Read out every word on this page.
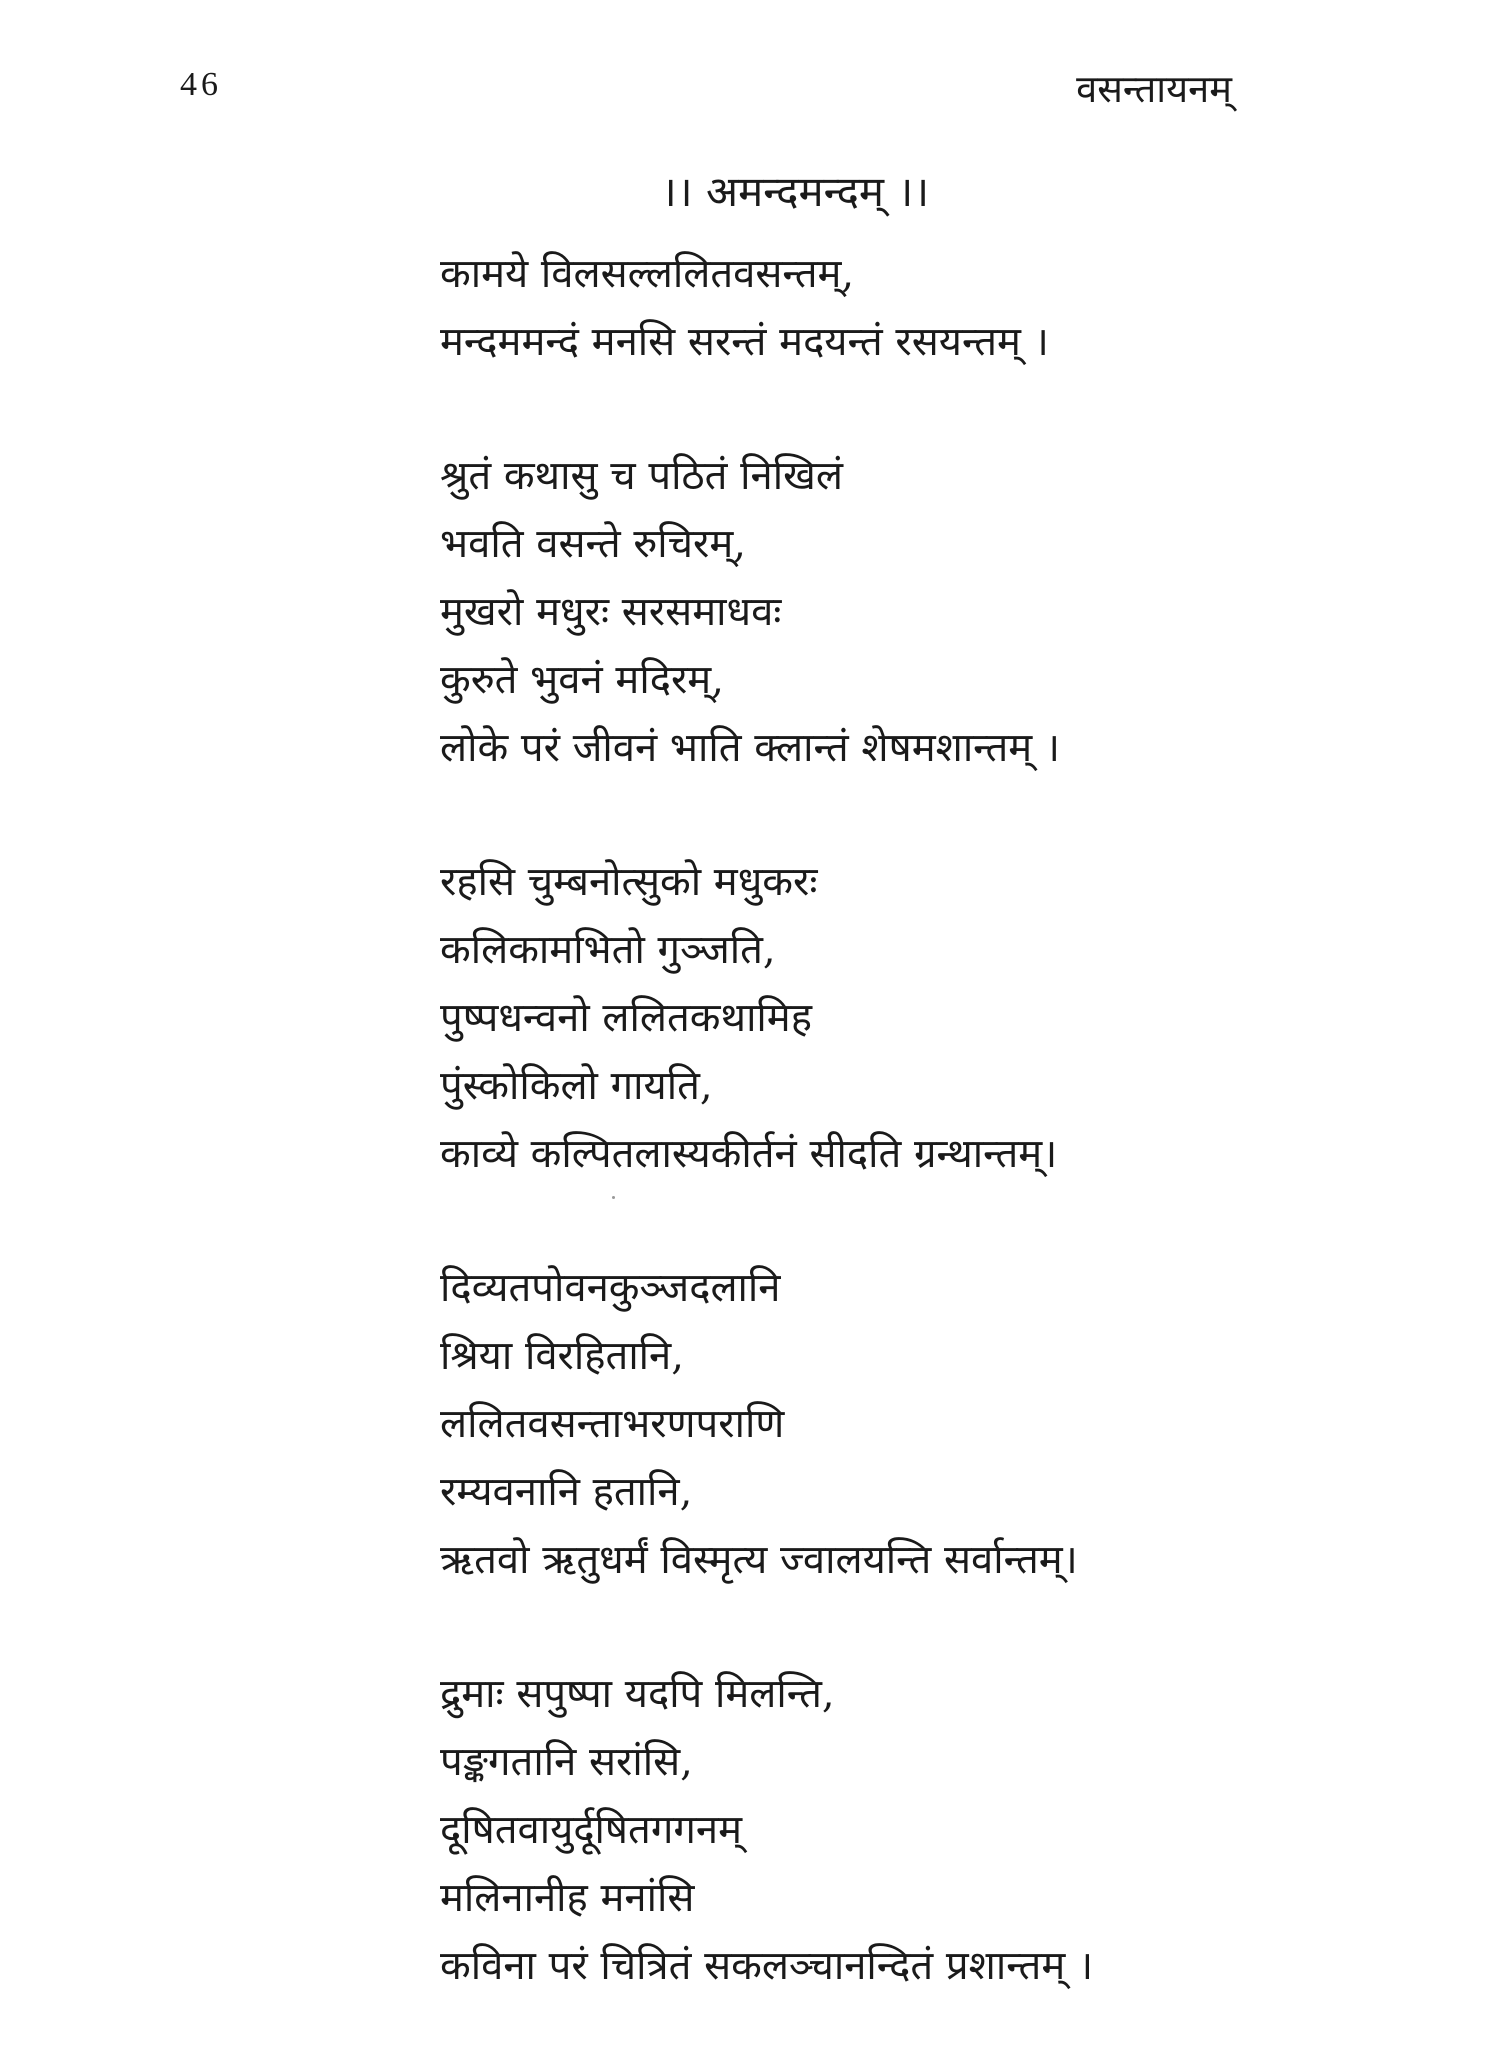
46	वसन्तायनम्
।। अमन्दमन्दम् ।।
कामये विलसल्ललितवसन्तम्,
मन्दममन्दं मनसि सरन्तं मदयन्तं रसयन्तम् ।
श्रुतं कथासु च पठितं निखिलं
भवति वसन्ते रुचिरम्,
मुखरो मधुरः सरसमाधवः
कुरुते भुवनं मदिरम्,
लोके परं जीवनं भाति क्लान्तं शेषमशान्तम् ।
रहसि चुम्बनोत्सुको मधुकरः
कलिकामभितो गुञ्जति,
पुष्पधन्वनो ललितकथामिह
पुंस्कोकिलो गायति,
काव्ये कल्पितलास्यकीर्तनं सीदति ग्रन्थान्तम्।
दिव्यतपोवनकुञ्जदलानि
श्रिया विरहितानि,
ललितवसन्ताभरणपराणि
रम्यवनानि हतानि,
ऋतवो ऋतुधर्मं विस्मृत्य ज्वालयन्ति सर्वान्तम्।
द्रुमाः सपुष्पा यदपि मिलन्ति,
पङ्कगतानि सरांसि,
दूषितवायुर्दूषितगगनम्
मलिनानीह मनांसि
कविना परं चित्रितं सकलञ्चानन्दितं प्रशान्तम् ।
